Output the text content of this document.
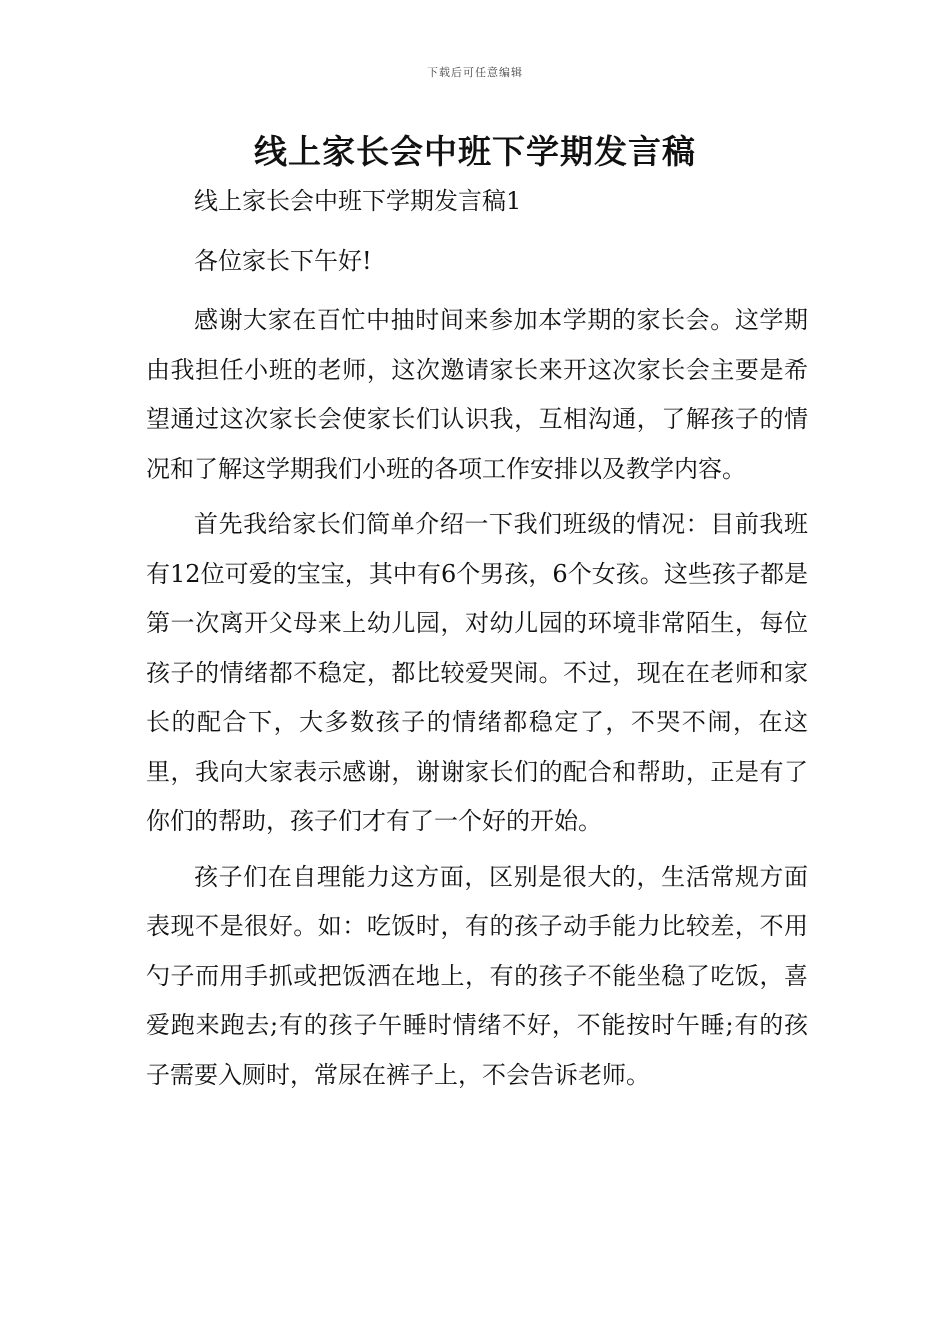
下载后可任意编辑
线上家长会中班下学期发言稿

线上家长会中班下学期发言稿1

各位家长下午好!

感谢大家在百忙中抽时间来参加本学期的家长会。这学期由我担任小班的老师，这次邀请家长来开这次家长会主要是希望通过这次家长会使家长们认识我，互相沟通，了解孩子的情况和了解这学期我们小班的各项工作安排以及教学内容。

首先我给家长们简单介绍一下我们班级的情况：目前我班有12位可爱的宝宝，其中有6个男孩，6个女孩。这些孩子都是第一次离开父母来上幼儿园，对幼儿园的环境非常陌生，每位孩子的情绪都不稳定，都比较爱哭闹。不过，现在在老师和家长的配合下，大多数孩子的情绪都稳定了，不哭不闹，在这里，我向大家表示感谢，谢谢家长们的配合和帮助，正是有了你们的帮助，孩子们才有了一个好的开始。

孩子们在自理能力这方面，区别是很大的，生活常规方面表现不是很好。如：吃饭时，有的孩子动手能力比较差，不用勺子而用手抓或把饭洒在地上，有的孩子不能坐稳了吃饭，喜爱跑来跑去;有的孩子午睡时情绪不好，不能按时午睡;有的孩子需要入厕时，常尿在裤子上，不会告诉老师。
